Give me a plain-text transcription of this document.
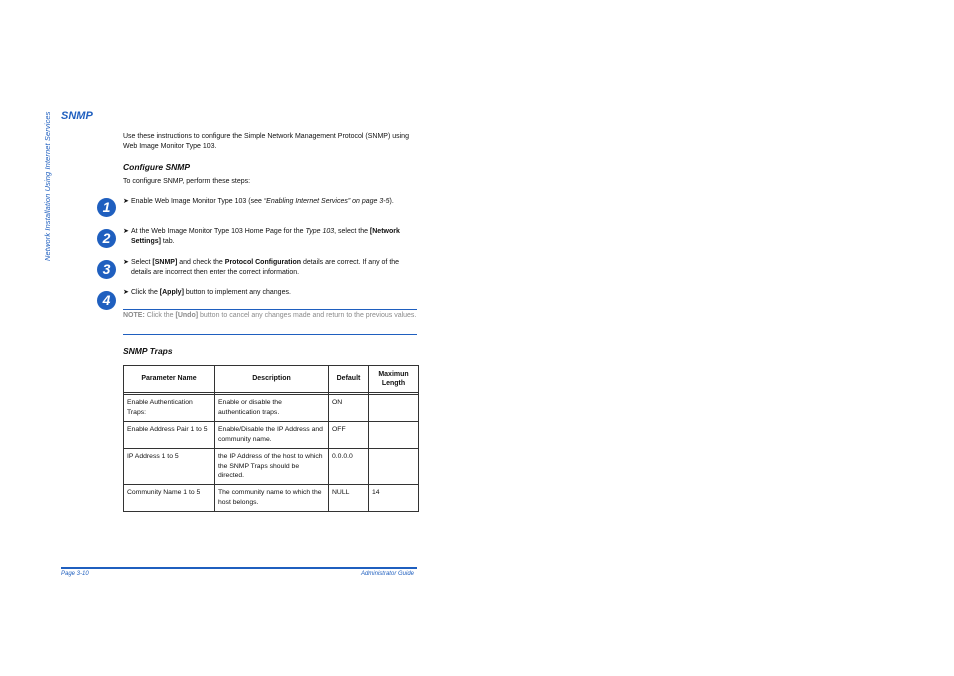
Network Installation Using Internet Services SNMP
Use these instructions to configure the Simple Network Management Protocol (SNMP) using Web Image Monitor Type 103.
Configure SNMP
To configure SNMP, perform these steps:
1	➤ Enable Web Image Monitor Type 103 (see “Enabling Internet Services” on page 3-5).
2	➤ At the Web Image Monitor Type 103 Home Page for the Type 103, select the [Network Settings] tab.
3	➤ Select [SNMP] and check the Protocol Configuration details are correct. If any of the details are incorrect then enter the correct information.
4	➤ Click the [Apply] button to implement any changes.
NOTE: Click the [Undo] button to cancel any changes made and return to the previous values.
SNMP Traps
Parameter Name	Description	Default	Maximun Length

Enable Authentication Traps:	Enable or disable the authentication traps.	ON	
Enable Address Pair 1 to 5	Enable/Disable the IP Address and community name.	OFF	
IP Address 1 to 5	the IP Address of the host to which the SNMP Traps should be directed.	0.0.0.0	
Community Name 1 to 5	The community name to which the host belongs.	NULL	14
Page 3-10	Administrator Guide
